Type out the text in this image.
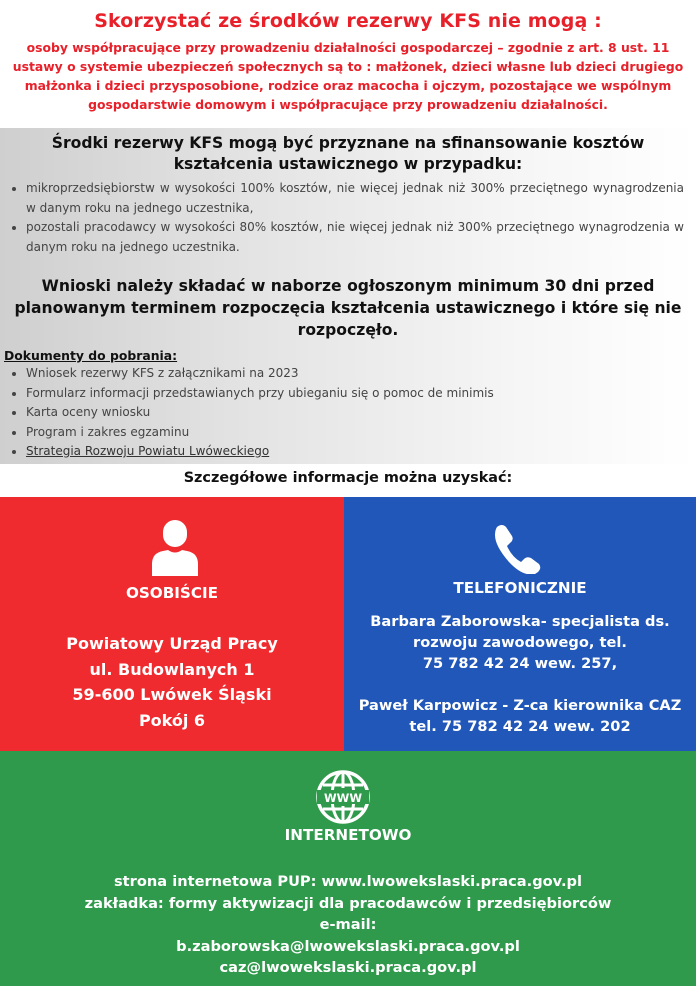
Skorzystać ze środków rezerwy KFS nie mogą :

osoby współpracujące przy prowadzeniu działalności gospodarczej – zgodnie z art. 8 ust. 11 ustawy o systemie ubezpieczeń społecznych są to : małżonek, dzieci własne lub dzieci drugiego małżonka i dzieci przysposobione, rodzice oraz macocha i ojczym, pozostające we wspólnym gospodarstwie domowym i współpracujące przy prowadzeniu działalności.

Środki rezerwy KFS mogą być przyznane na sfinansowanie kosztów kształcenia ustawicznego w przypadku:
• mikroprzedsiębiorstw w wysokości 100% kosztów, nie więcej jednak niż 300% przeciętnego wynagrodzenia w danym roku na jednego uczestnika,
• pozostali pracodawcy w wysokości 80% kosztów, nie więcej jednak niż 300% przeciętnego wynagrodzenia w danym roku na jednego uczestnika.
Wnioski należy składać w naborze ogłoszonym minimum 30 dni przed planowanym terminem rozpoczęcia kształcenia ustawicznego i które się nie rozpoczęło.
Dokumenty do pobrania:
• Wniosek rezerwy KFS z załącznikami na 2023
• Formularz informacji przedstawianych przy ubieganiu się o pomoc de minimis
• Karta oceny wniosku
• Program i zakres egzaminu
• Strategia Rozwoju Powiatu Lwóweckiego
Szczegółowe informacje można uzyskać:
OSOBIŚCIE
Powiatowy Urząd Pracy
ul. Budowlanych 1
59-600 Lwówek Śląski
Pokój 6
TELEFONICZNIE
Barbara Zaborowska- specjalista ds.
rozwoju zawodowego, tel.
75 782 42 24 wew. 257,
Paweł Karpowicz - Z-ca kierownika CAZ
tel. 75 782 42 24 wew. 202
WWW
INTERNETOWO
strona internetowa PUP: www.lwowekslaski.praca.gov.pl
zakładka: formy aktywizacji dla pracodawców i przedsiębiorców
e-mail:
b.zaborowska@lwowekslaski.praca.gov.pl
caz@lwowekslaski.praca.gov.pl
